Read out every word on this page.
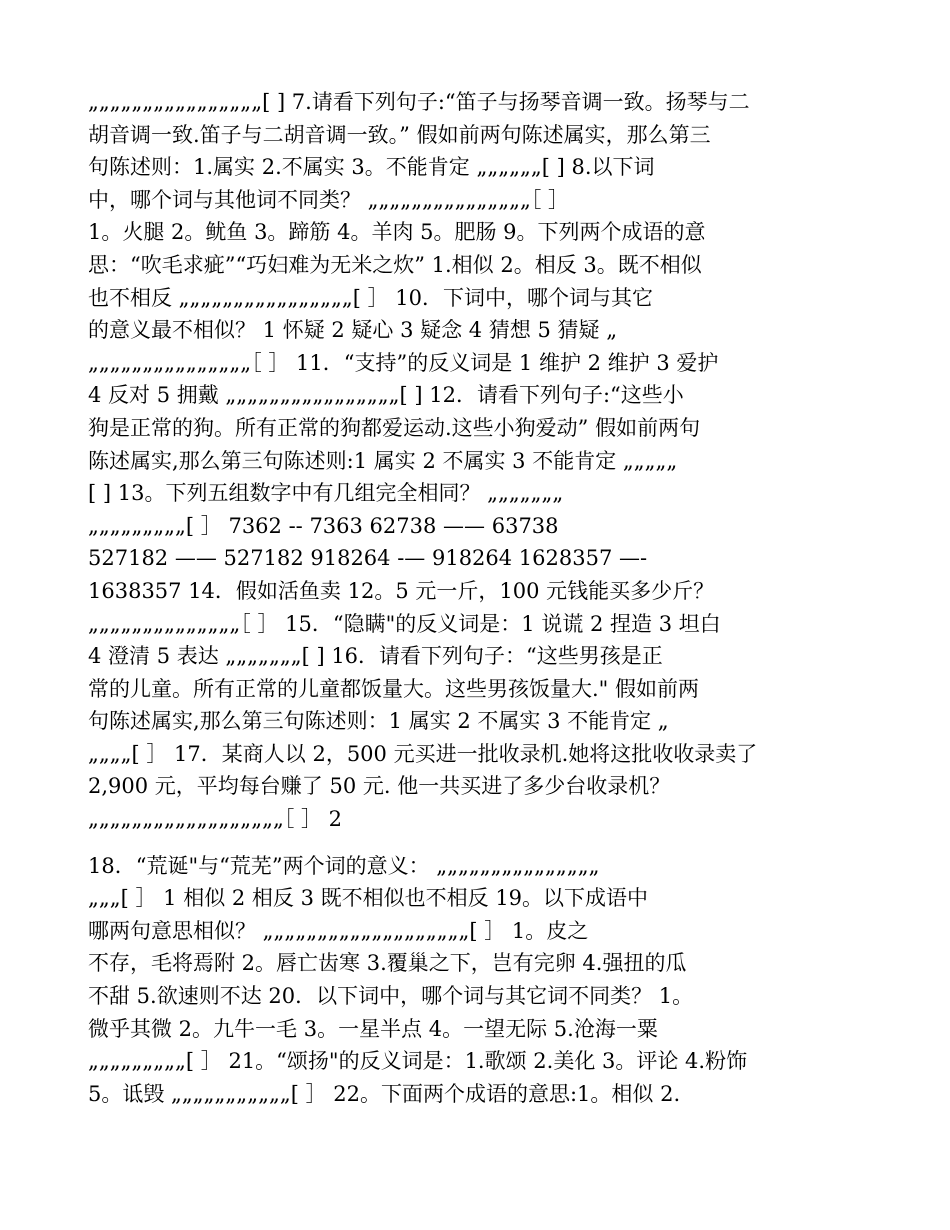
„„„„„„„„„„„„„„„„[ ] 7.请看下列句子:“笛子与扬琴音调一致。扬琴与二
胡音调一致.笛子与二胡音调一致。” 假如前两句陈述属实，那么第三
句陈述则：1.属实 2.不属实 3。不能肯定 „„„„„„[ ] 8.以下词
中，哪个词与其他词不同类？ „„„„„„„„„„„„„„„［ ］
1。火腿 2。鱿鱼 3。蹄筋 4。羊肉 5。肥肠 9。下列两个成语的意
思：“吹毛求疵”“巧妇难为无米之炊” 1.相似 2。相反 3。既不相似
也不相反 „„„„„„„„„„„„„„„„[ ］ 10．下词中，哪个词与其它
的意义最不相似？ 1 怀疑 2 疑心 3 疑念 4 猜想 5 猜疑 „
„„„„„„„„„„„„„„„［ ］ 11．“支持”的反义词是 1 维护 2 维护 3 爱护
4 反对 5 拥戴 „„„„„„„„„„„„„„„„[ ] 12．请看下列句子:“这些小
狗是正常的狗。所有正常的狗都爱运动.这些小狗爱动” 假如前两句
陈述属实,那么第三句陈述则:1 属实 2 不属实 3 不能肯定 „„„„„
[ ] 13。下列五组数字中有几组完全相同？ „„„„„„„
„„„„„„„„„[ ］ 7362 -- 7363 62738 —— 63738
527182 —— 527182 918264 -— 918264 1628357 —-
1638357 14．假如活鱼卖 12。5 元一斤，100 元钱能买多少斤？
„„„„„„„„„„„„„„［ ］ 15．“隐瞒"的反义词是：1 说谎 2 捏造 3 坦白
4 澄清 5 表达 „„„„„„„[ ] 16．请看下列句子：“这些男孩是正
常的儿童。所有正常的儿童都饭量大。这些男孩饭量大." 假如前两
句陈述属实,那么第三句陈述则：1 属实 2 不属实 3 不能肯定 „
„„„„[ ］ 17．某商人以 2，500 元买进一批收录机.她将这批收收录卖了
2,900 元，平均每台赚了 50 元. 他一共买进了多少台收录机？
„„„„„„„„„„„„„„„„„„［ ］ 2
18．“荒诞"与“荒芜”两个词的意义： „„„„„„„„„„„„„„„
„„„[ ］ 1 相似 2 相反 3 既不相似也不相反 19。以下成语中
哪两句意思相似？ „„„„„„„„„„„„„„„„„„„[ ］ 1。皮之
不存，毛将焉附 2。唇亡齿寒 3.覆巢之下，岂有完卵 4.强扭的瓜
不甜 5.欲速则不达 20．以下词中，哪个词与其它词不同类？ 1。
微乎其微 2。九牛一毛 3。一星半点 4。一望无际 5.沧海一粟
„„„„„„„„„[ ］ 21。“颂扬"的反义词是：1.歌颂 2.美化 3。评论 4.粉饰
5。诋毁 „„„„„„„„„„„[ ］ 22。下面两个成语的意思:1。相似 2.
